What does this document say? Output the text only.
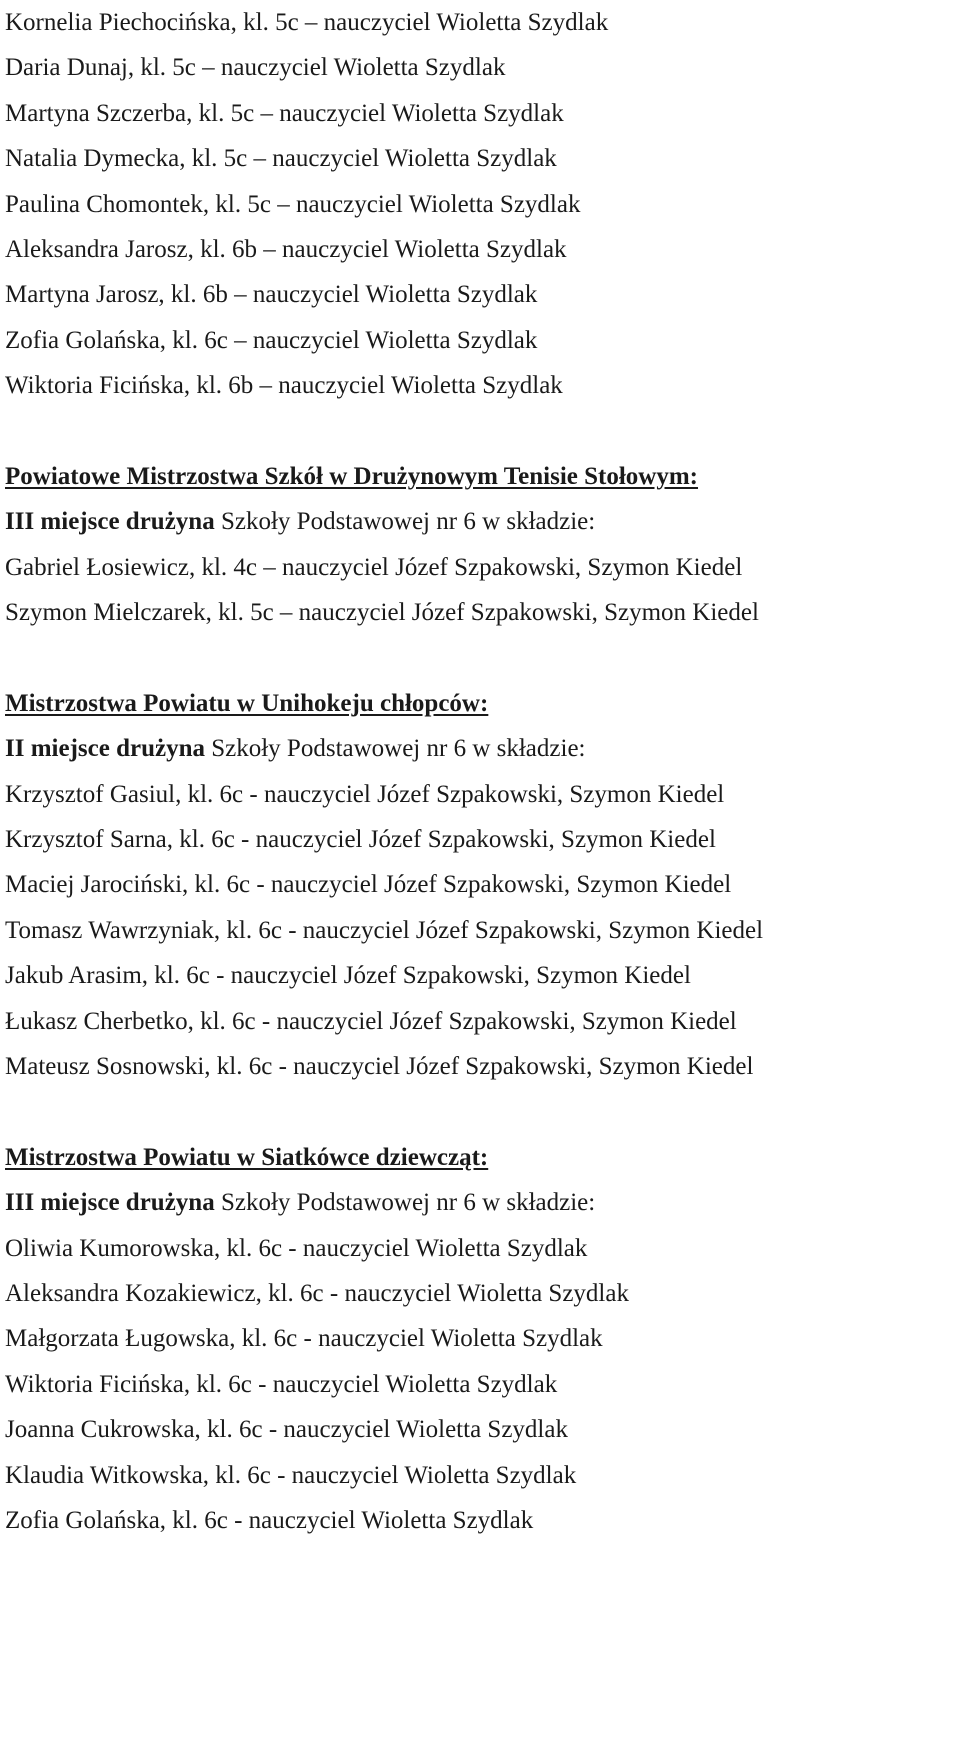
Kornelia Piechocińska, kl. 5c – nauczyciel Wioletta Szydlak
Daria Dunaj, kl. 5c – nauczyciel Wioletta Szydlak
Martyna Szczerba, kl. 5c – nauczyciel Wioletta Szydlak
Natalia Dymecka, kl. 5c – nauczyciel Wioletta Szydlak
Paulina Chomontek, kl. 5c – nauczyciel Wioletta Szydlak
Aleksandra Jarosz, kl. 6b – nauczyciel Wioletta Szydlak
Martyna Jarosz, kl. 6b – nauczyciel Wioletta Szydlak
Zofia Golańska, kl. 6c – nauczyciel Wioletta Szydlak
Wiktoria Ficińska, kl. 6b – nauczyciel Wioletta Szydlak
Powiatowe Mistrzostwa Szkół w Drużynowym Tenisie Stołowym:
III miejsce drużyna Szkoły Podstawowej nr 6 w składzie:
Gabriel Łosiewicz, kl. 4c – nauczyciel Józef Szpakowski, Szymon Kiedel
Szymon Mielczarek, kl. 5c – nauczyciel Józef Szpakowski, Szymon Kiedel
Mistrzostwa Powiatu w Unihokeju chłopców:
II miejsce drużyna Szkoły Podstawowej nr 6 w składzie:
Krzysztof Gasiul, kl. 6c - nauczyciel Józef Szpakowski, Szymon Kiedel
Krzysztof Sarna, kl. 6c - nauczyciel Józef Szpakowski, Szymon Kiedel
Maciej Jarociński, kl. 6c - nauczyciel Józef Szpakowski, Szymon Kiedel
Tomasz Wawrzyniak, kl. 6c - nauczyciel Józef Szpakowski, Szymon Kiedel
Jakub Arasim, kl. 6c - nauczyciel Józef Szpakowski, Szymon Kiedel
Łukasz Cherbetko, kl. 6c - nauczyciel Józef Szpakowski, Szymon Kiedel
Mateusz Sosnowski, kl. 6c - nauczyciel Józef Szpakowski, Szymon Kiedel
Mistrzostwa Powiatu w Siatkówce dziewcząt:
III miejsce drużyna Szkoły Podstawowej nr 6 w składzie:
Oliwia Kumorowska, kl. 6c - nauczyciel Wioletta Szydlak
Aleksandra Kozakiewicz, kl. 6c - nauczyciel Wioletta Szydlak
Małgorzata Ługowska, kl. 6c - nauczyciel Wioletta Szydlak
Wiktoria Ficińska, kl. 6c - nauczyciel Wioletta Szydlak
Joanna Cukrowska, kl. 6c - nauczyciel Wioletta Szydlak
Klaudia Witkowska, kl. 6c - nauczyciel Wioletta Szydlak
Zofia Golańska, kl. 6c - nauczyciel Wioletta Szydlak
